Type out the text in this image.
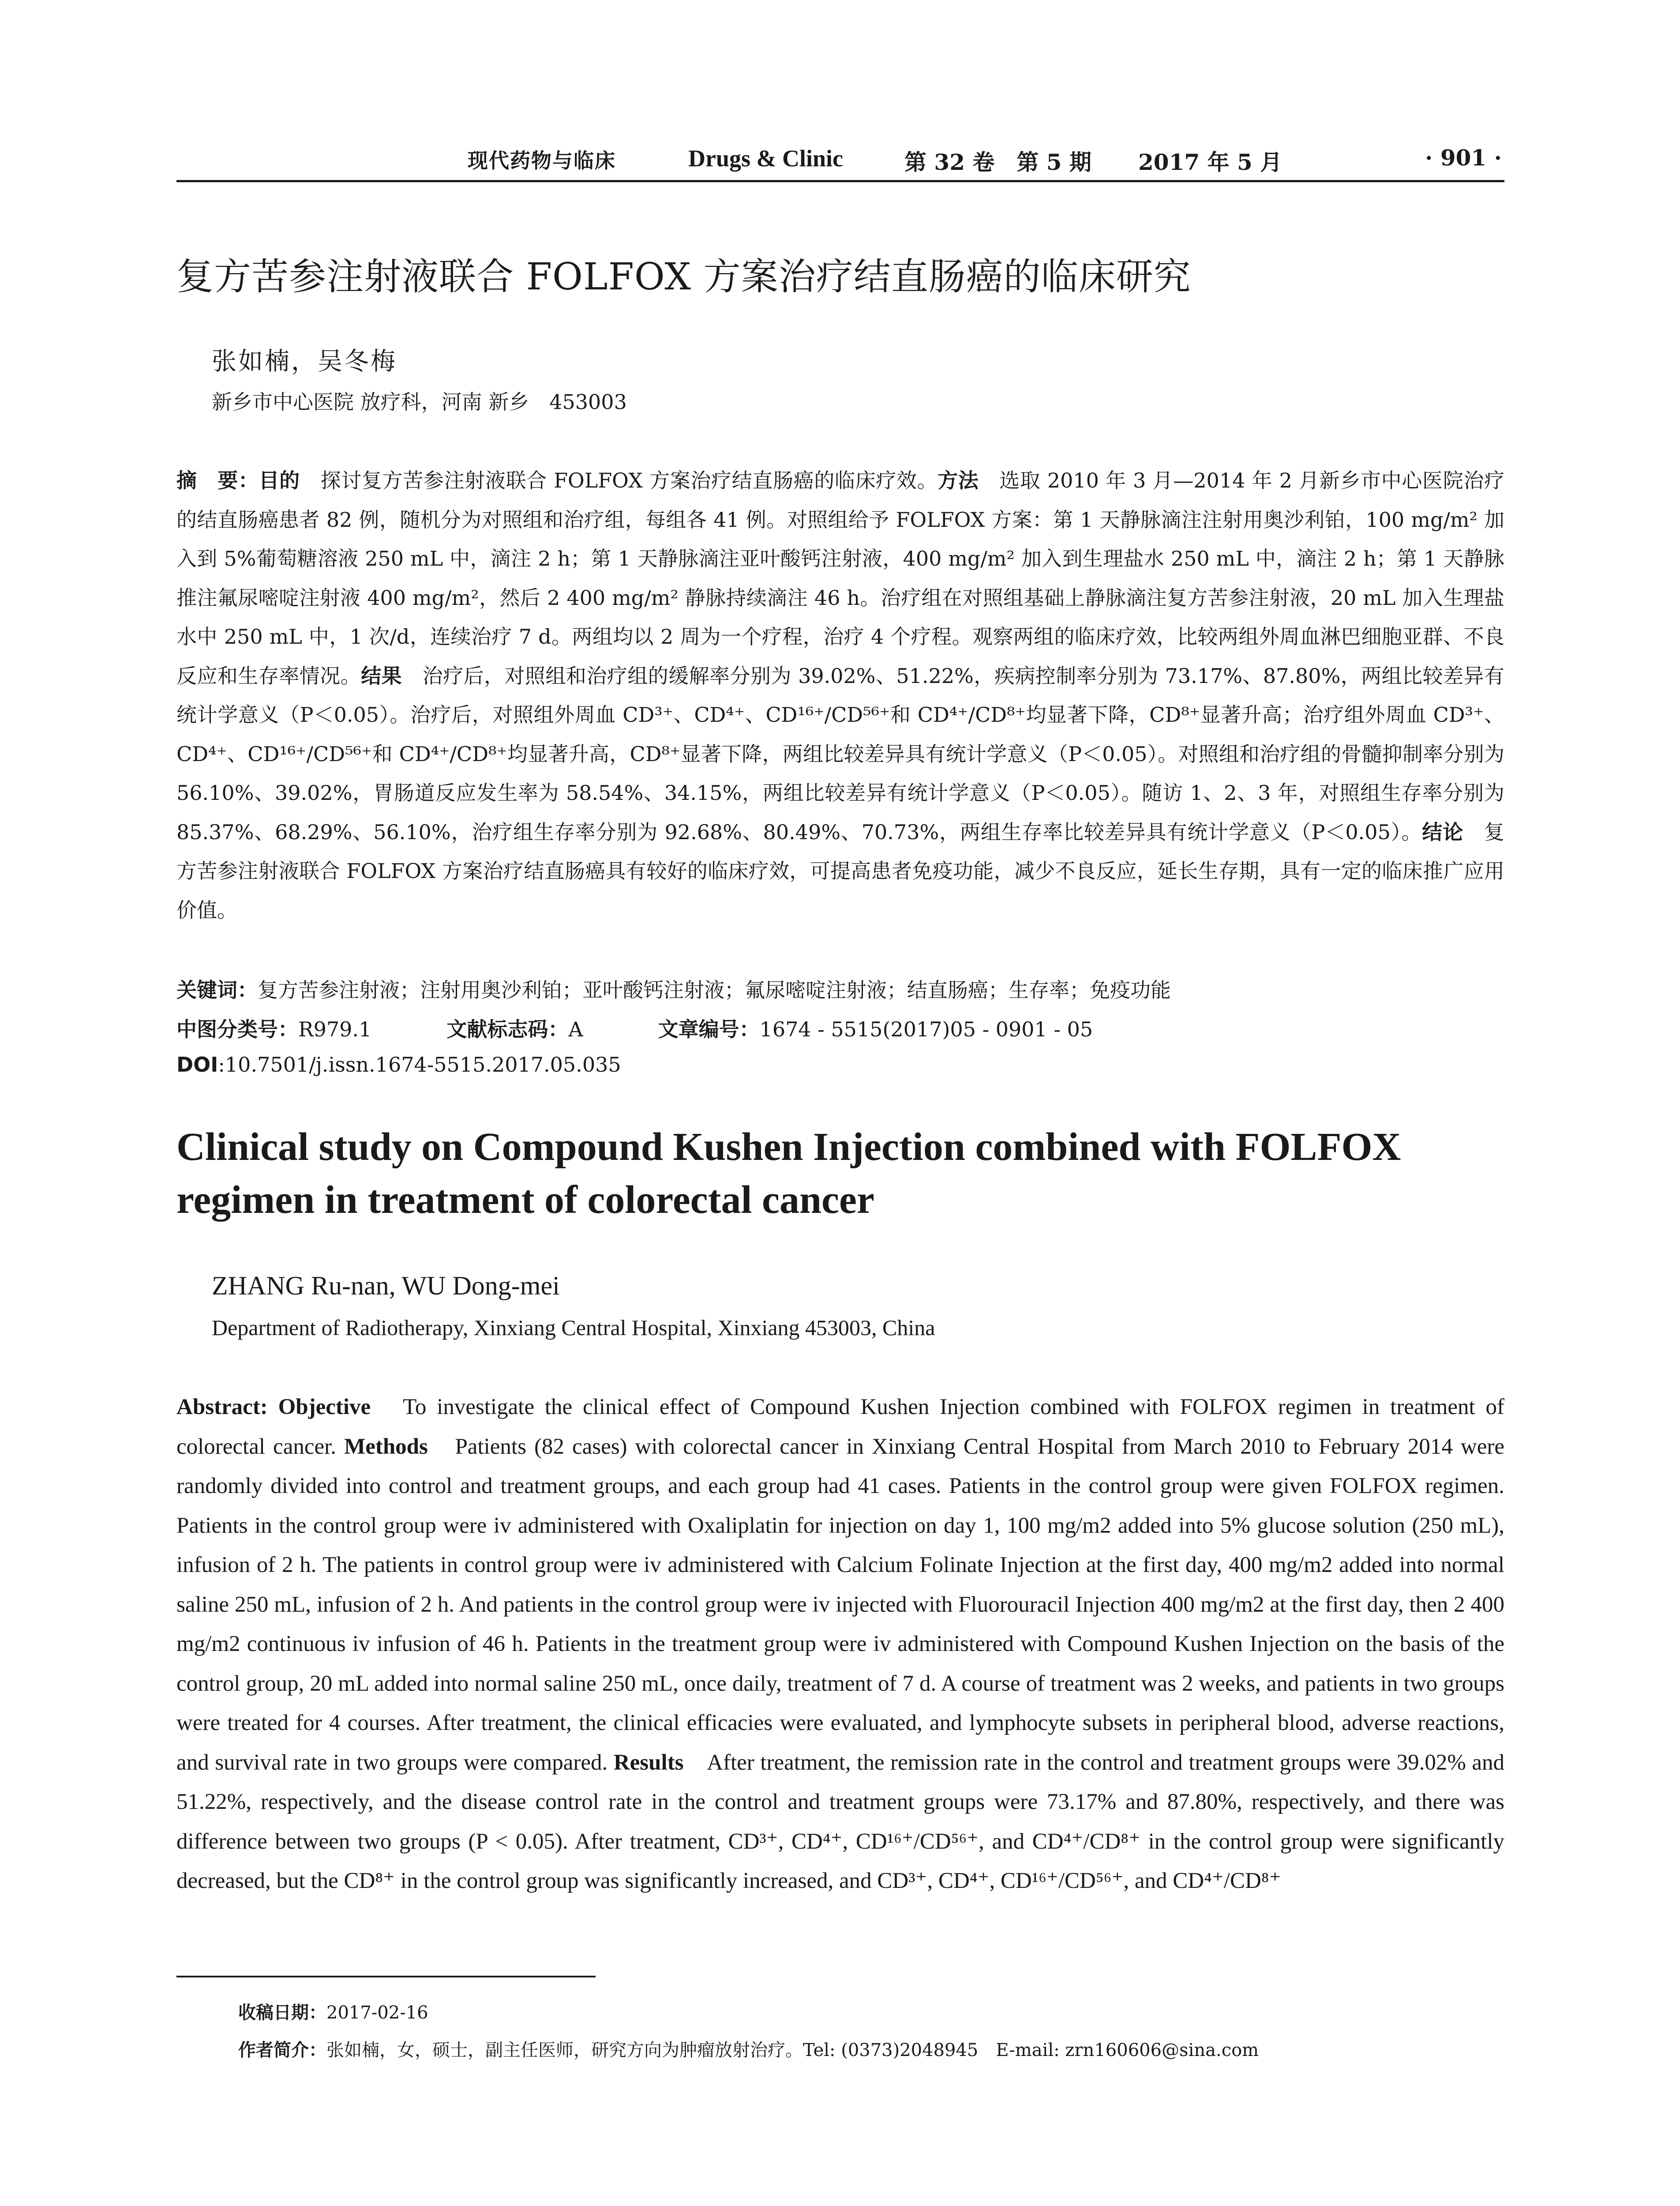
现代药物与临床	Drugs & Clinic	第 32 卷　第 5 期 2017 年 5 月	· 901 ·
复方苦参注射液联合 FOLFOX 方案治疗结直肠癌的临床研究
张如楠，吴冬梅
新乡市中心医院 放疗科，河南 新乡　453003
摘　要：目的　探讨复方苦参注射液联合 FOLFOX 方案治疗结直肠癌的临床疗效。方法　选取 2010 年 3 月—2014 年 2 月新乡市中心医院治疗的结直肠癌患者 82 例，随机分为对照组和治疗组，每组各 41 例。对照组给予 FOLFOX 方案：第 1 天静脉滴注注射用奥沙利铂，100 mg/m² 加入到 5%葡萄糖溶液 250 mL 中，滴注 2 h；第 1 天静脉滴注亚叶酸钙注射液，400 mg/m² 加入到生理盐水 250 mL 中，滴注 2 h；第 1 天静脉推注氟尿嘧啶注射液 400 mg/m²，然后 2 400 mg/m² 静脉持续滴注 46 h。治疗组在对照组基础上静脉滴注复方苦参注射液，20 mL 加入生理盐水中 250 mL 中，1 次/d，连续治疗 7 d。两组均以 2 周为一个疗程，治疗 4 个疗程。观察两组的临床疗效，比较两组外周血淋巴细胞亚群、不良反应和生存率情况。结果　治疗后，对照组和治疗组的缓解率分别为 39.02%、51.22%，疾病控制率分别为 73.17%、87.80%，两组比较差异有统计学意义（P＜0.05）。治疗后，对照组外周血 CD³⁺、CD⁴⁺、CD¹⁶⁺/CD⁵⁶⁺和 CD⁴⁺/CD⁸⁺均显著下降，CD⁸⁺显著升高；治疗组外周血 CD³⁺、CD⁴⁺、CD¹⁶⁺/CD⁵⁶⁺和 CD⁴⁺/CD⁸⁺均显著升高，CD⁸⁺显著下降，两组比较差异具有统计学意义（P＜0.05）。对照组和治疗组的骨髓抑制率分别为 56.10%、39.02%，胃肠道反应发生率为 58.54%、34.15%，两组比较差异有统计学意义（P＜0.05）。随访 1、2、3 年，对照组生存率分别为 85.37%、68.29%、56.10%，治疗组生存率分别为 92.68%、80.49%、70.73%，两组生存率比较差异具有统计学意义（P＜0.05）。结论　复方苦参注射液联合 FOLFOX 方案治疗结直肠癌具有较好的临床疗效，可提高患者免疫功能，减少不良反应，延长生存期，具有一定的临床推广应用价值。
关键词：复方苦参注射液；注射用奥沙利铂；亚叶酸钙注射液；氟尿嘧啶注射液；结直肠癌；生存率；免疫功能
中图分类号：R979.1	文献标志码：A	文章编号：1674 - 5515(2017)05 - 0901 - 05
DOI:10.7501/j.issn.1674-5515.2017.05.035
Clinical study on Compound Kushen Injection combined with FOLFOX regimen in treatment of colorectal cancer
ZHANG Ru-nan, WU Dong-mei
Department of Radiotherapy, Xinxiang Central Hospital, Xinxiang 453003, China
Abstract: Objective　To investigate the clinical effect of Compound Kushen Injection combined with FOLFOX regimen in treatment of colorectal cancer. Methods　Patients (82 cases) with colorectal cancer in Xinxiang Central Hospital from March 2010 to February 2014 were randomly divided into control and treatment groups, and each group had 41 cases. Patients in the control group were given FOLFOX regimen. Patients in the control group were iv administered with Oxaliplatin for injection on day 1, 100 mg/m2 added into 5% glucose solution (250 mL), infusion of 2 h. The patients in control group were iv administered with Calcium Folinate Injection at the first day, 400 mg/m2 added into normal saline 250 mL, infusion of 2 h. And patients in the control group were iv injected with Fluorouracil Injection 400 mg/m2 at the first day, then 2 400 mg/m2 continuous iv infusion of 46 h. Patients in the treatment group were iv administered with Compound Kushen Injection on the basis of the control group, 20 mL added into normal saline 250 mL, once daily, treatment of 7 d. A course of treatment was 2 weeks, and patients in two groups were treated for 4 courses. After treatment, the clinical efficacies were evaluated, and lymphocyte subsets in peripheral blood, adverse reactions, and survival rate in two groups were compared. Results　After treatment, the remission rate in the control and treatment groups were 39.02% and 51.22%, respectively, and the disease control rate in the control and treatment groups were 73.17% and 87.80%, respectively, and there was difference between two groups (P < 0.05). After treatment, CD³⁺, CD⁴⁺, CD¹⁶⁺/CD⁵⁶⁺, and CD⁴⁺/CD⁸⁺ in the control group were significantly decreased, but the CD⁸⁺ in the control group was significantly increased, and CD³⁺, CD⁴⁺, CD¹⁶⁺/CD⁵⁶⁺, and CD⁴⁺/CD⁸⁺
收稿日期：2017-02-16
作者简介：张如楠，女，硕士，副主任医师，研究方向为肿瘤放射治疗。Tel: (0373)2048945　E-mail: zrn160606@sina.com
